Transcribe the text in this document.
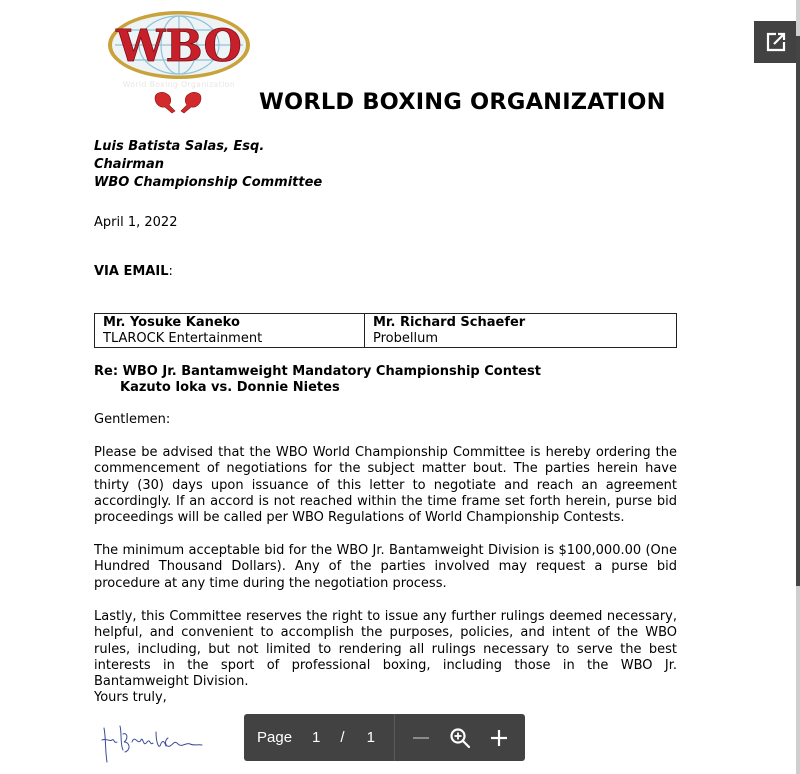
WBO
World Boxing Organization
WORLD BOXING ORGANIZATION
Luis Batista Salas, Esq.
Chairman
WBO Championship Committee
April 1, 2022
VIA EMAIL:
Mr. Yosuke Kaneko
TLAROCK Entertainment

Mr. Richard Schaefer
Probellum
Re: WBO Jr. Bantamweight Mandatory Championship Contest
Kazuto Ioka vs. Donnie Nietes
Gentlemen:
Please be advised that the WBO World Championship Committee is hereby ordering the commencement of negotiations for the subject matter bout. The parties herein have thirty (30) days upon issuance of this letter to negotiate and reach an agreement accordingly. If an accord is not reached within the time frame set forth herein, purse bid proceedings will be called per WBO Regulations of World Championship Contests.
The minimum acceptable bid for the WBO Jr. Bantamweight Division is $100,000.00 (One Hundred Thousand Dollars). Any of the parties involved may request a purse bid procedure at any time during the negotiation process.
Lastly, this Committee reserves the right to issue any further rulings deemed necessary, helpful, and convenient to accomplish the purposes, policies, and intent of the WBO rules, including, but not limited to rendering all rulings necessary to serve the best interests in the sport of professional boxing, including those in the WBO Jr. Bantamweight Division.
Yours truly,
Page 1 / 1
